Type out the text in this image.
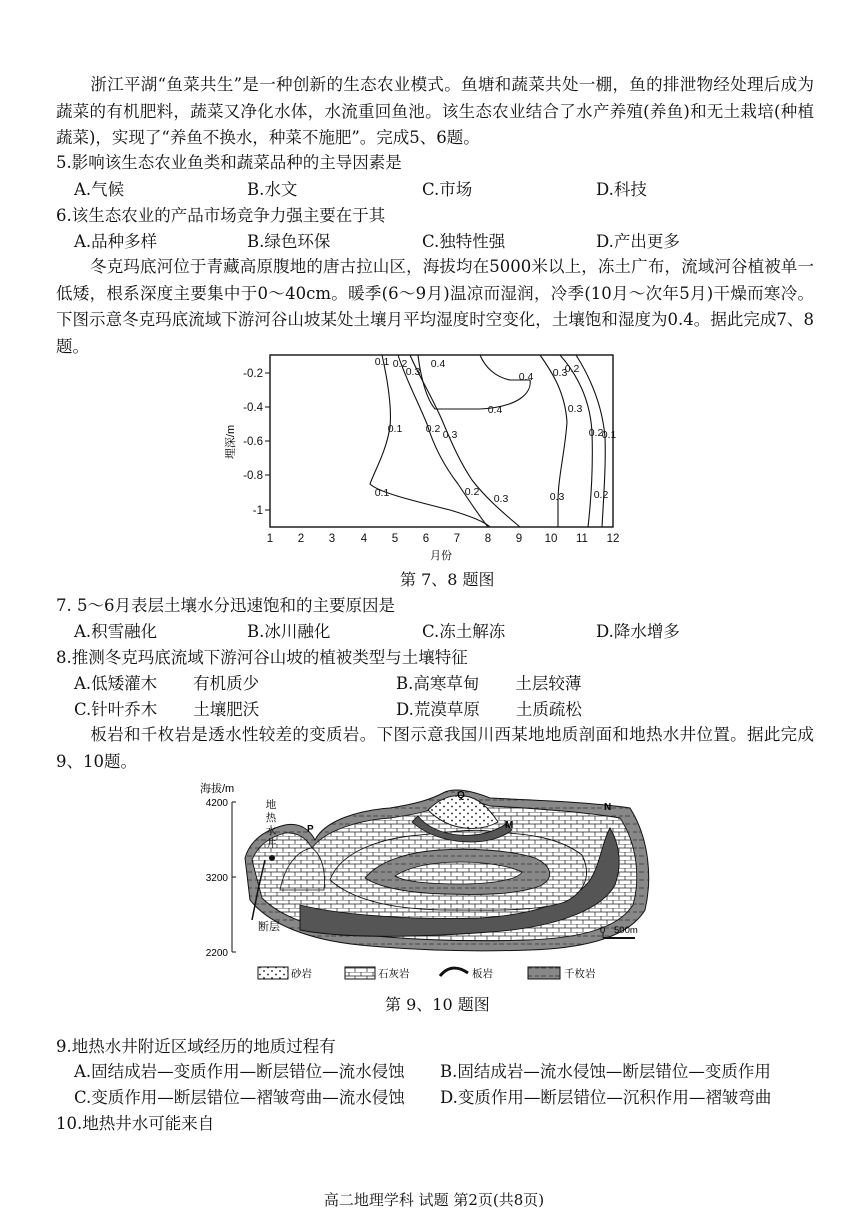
浙江平湖“鱼菜共生”是一种创新的生态农业模式。鱼塘和蔬菜共处一棚，鱼的排泄物经处理后成为蔬菜的有机肥料，蔬菜又净化水体，水流重回鱼池。该生态农业结合了水产养殖(养鱼)和无土栽培(种植蔬菜)，实现了“养鱼不换水，种菜不施肥”。完成5、6题。
5.影响该生态农业鱼类和蔬菜品种的主导因素是
A.气候	B.水文	C.市场	D.科技
6.该生态农业的产品市场竞争力强主要在于其
A.品种多样	B.绿色环保	C.独特性强	D.产出更多
冬克玛底河位于青藏高原腹地的唐古拉山区，海拔均在5000米以上，冻土广布，流域河谷植被单一低矮，根系深度主要集中于0～40cm。暖季(6～9月)温凉而湿润，冷季(10月～次年5月)干燥而寒冷。下图示意冬克玛底流域下游河谷山坡某处土壤月平均湿度时空变化，土壤饱和湿度为0.4。据此完成7、8题。
-0.2
-0.4
-0.6
-0.8
-1
埋深/m
1 2 3 4 5 6 7 8 9 10 11 12
月份
0.1 0.2
0.3
0.4
0.1 0.2 0.3
0.4
0.4
0.3
0.2
0.3
0.2
0.1
0.1	0.2
0.3	0.3	0.2
第 7、8 题图
7. 5～6月表层土壤水分迅速饱和的主要原因是
A.积雪融化	B.冰川融化	C.冻土解冻	D.降水增多
8.推测冬克玛底流域下游河谷山坡的植被类型与土壤特征
A.低矮灌木 有机质少	B.高寒草甸 土层较薄
C.针叶乔木 土壤肥沃	D.荒漠草原 土质疏松
板岩和千枚岩是透水性较差的变质岩。下图示意我国川西某地地质剖面和地热水井位置。据此完成9、10题。
海拔/m
4200
3200
2200
地
热
水
井
断层
Q
P	M
N
0 500m
砂岩	石灰岩	板岩	千枚岩
第 9、10 题图
9.地热水井附近区域经历的地质过程有
A.固结成岩—变质作用—断层错位—流水侵蚀 B.固结成岩—流水侵蚀—断层错位—变质作用
C.变质作用—断层错位—褶皱弯曲—流水侵蚀 D.变质作用—断层错位—沉积作用—褶皱弯曲
10.地热井水可能来自
高二地理学科 试题 第2页(共8页)
